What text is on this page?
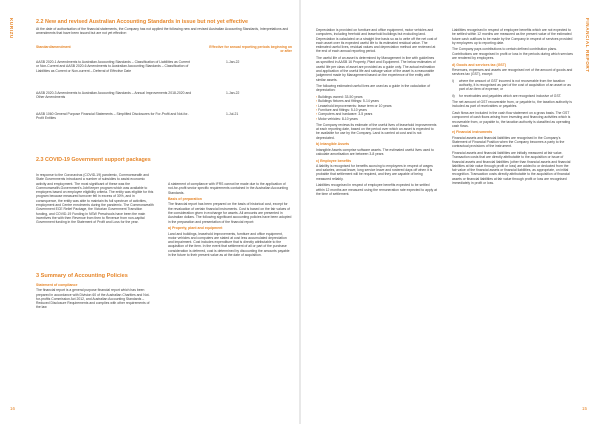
KURIZU	2.2 New and revised Australian Accounting Standards in issue but not yet effective
At the date of authorisation of the financial statements, the Company has not applied the following new and revised Australian Accounting Standards, Interpretations and amendments that have been issued but are not yet effective:
Standard/amendment	Effective for annual reporting periods beginning on or after
AASB 2020-1 Amendments to Australian Accounting Standards – Classification of Liabilities as Current or Non-Current and AASB 2020-6 Amendments to Australian Accounting Standards – Classification of Liabilities as Current or Non-current – Deferral of Effective Date
1-Jan-22
AASB 2020-3 Amendments to Australian Accounting Standards – Annual Improvements 2018-2020 and Other Amendments
1-Jan-22
AASB 1060 General Purpose Financial Statements – Simplified Disclosures for For-Profit and Not-for-Profit Entities
1-Jul-21
2.3 COVID-19 Government support packages
In response to the Coronavirus (COVID-19) pandemic, Commonwealth and State Governments introduced a number of subsidies to assist economic activity and employment. The most significant of these was the Commonwealth-Government's JobKeeper program which was available to employers based on employee eligibility criteria. The entity was eligible for this program because measured turnover fell in excess of 30%, and in consequence, the entity was able to maintain its full spectrum of activities, employment and Centre enrolments during the pandemic. The Commonwealth Government ECE Relief Package, the Victorian Government Transition funding, and COVID-19 Funding in NSW Preschools have been the main incentives the with then Revenue from then to Revenue from non-capital Government funding in the Statement of Profit and Loss for the year.
3 Summary of Accounting Policies
Statement of compliance

The financial report is a general purpose financial report which has been prepared in accordance with Division 60 of the Australian Charities and Not-for-profits Commission Act 2012, and Australian Accounting Standards – Reduced Disclosure Requirements and complies with other requirements of the law

A statement of compliance with IFRS cannot be made due to the application of not-for-profit sector specific requirements contained in the Australian Accounting Standards.

Basis of preparation

The financial report has been prepared on the basis of historical cost, except for the revaluation of certain financial instruments. Cost is based on the fair values of the consideration given in exchange for assets. All amounts are presented in Australian dollars. The following significant accounting policies have been adopted in the preparation and presentation of the financial report:

a) Property, plant and equipment

Land and buildings, leasehold improvements, furniture and office equipment, motor vehicles and computers are stated at cost less accumulated depreciation and impairment. Cost includes expenditure that is directly attributable to the acquisition of the item. In the event that settlement of all or part of the purchase consideration is deferred, cost is determined by discounting the amounts payable in the future to their present value as at the date of acquisition.

16

Depreciation is provided on furniture and office equipment, motor vehicles and computers, including freehold and leasehold buildings but excluding land. Depreciation is calculated on a straight line basis so as to write off the net cost of each asset over its expected useful life to its estimated residual value. The estimated useful lives, residual values and depreciation method are reviewed at the end of each annual reporting period.

The useful life of an asset is determined by Management in line with guidelines as specified in AASB 16 Property, Plant and Equipment. The below estimates of useful life per class of asset are provided as a guide only. The actual estimation and application of the useful life and salvage value of the asset is a reasonable judgement made by Management based on the experience of the entity with similar assets.

The following estimated useful lives are used as a guide in the calculation of depreciation:

› Buildings owned: 33-50 years
› Buildings fixtures and fittings: 5-14 years
› Leasehold improvements: lease term or 10 years
› Furniture and fittings: 5-10 years
› Computers and hardware: 3-5 years
› Motor vehicles: 8-10 years

The Company reviews its estimate of the useful lives of leasehold improvements at each reporting date, based on the period over which an asset is expected to be available for use by the Company. Land is carried at cost and is not depreciated.

b) Intangible Assets

Intangible Assets comprise software assets. The estimated useful lives used to calculate amortisation are between 3-8 years

c) Employee benefits

A liability is recognised for benefits accruing to employees in respect of wages and salaries, annual leave, long service leave and rostered days off when it is probable that settlement will be required, and they are capable of being measured reliably.

Liabilities recognised in respect of employee benefits expected to be settled within 12 months are measured using the remuneration rate expected to apply at the time of settlement.

Liabilities recognised in respect of employee benefits which are not expected to be settled within 12 months are measured as the present value of the estimated future cash outflows to be made by the Company in respect of services provided by employees up to reporting date.

The Company pays contributions to certain defined contribution plans. Contributions are recognised in profit or loss in the periods during which services are rendered by employees.

d) Goods and services tax (GST)

Revenues, expenses and assets are recognised net of the amount of goods and services tax (GST), except:

i)	where the amount of GST incurred is not recoverable from the taxation authority, it is recognised as part of the cost of acquisition of an asset or as part of an item of expense; or
ii)	for receivables and payables which are recognised inclusive of GST.

The net amount of GST recoverable from, or payable to, the taxation authority is included as part of receivables or payables.

Cash flows are included in the cash flow statement on a gross basis. The GST component of cash flows arising from investing and financing activities which is recoverable from, or payable to, the taxation authority is classified as operating cash flows.

e) Financial instruments

Financial assets and financial liabilities are recognised in the Company's Statement of Financial Position when the Company becomes a party to the contractual provisions of the instrument.

Financial assets and financial liabilities are initially measured at fair value. Transaction costs that are directly attributable to the acquisition or issue of financial assets and financial liabilities (other than financial assets and financial liabilities at fair value through profit or loss) are added to or deducted from the fair value of the financial assets or financial liabilities, as appropriate, on initial recognition. Transaction costs directly attributable to the acquisition of financial assets or financial liabilities at fair value through profit or loss are recognised immediately in profit or loss.

FINANCIAL REPORT
15
